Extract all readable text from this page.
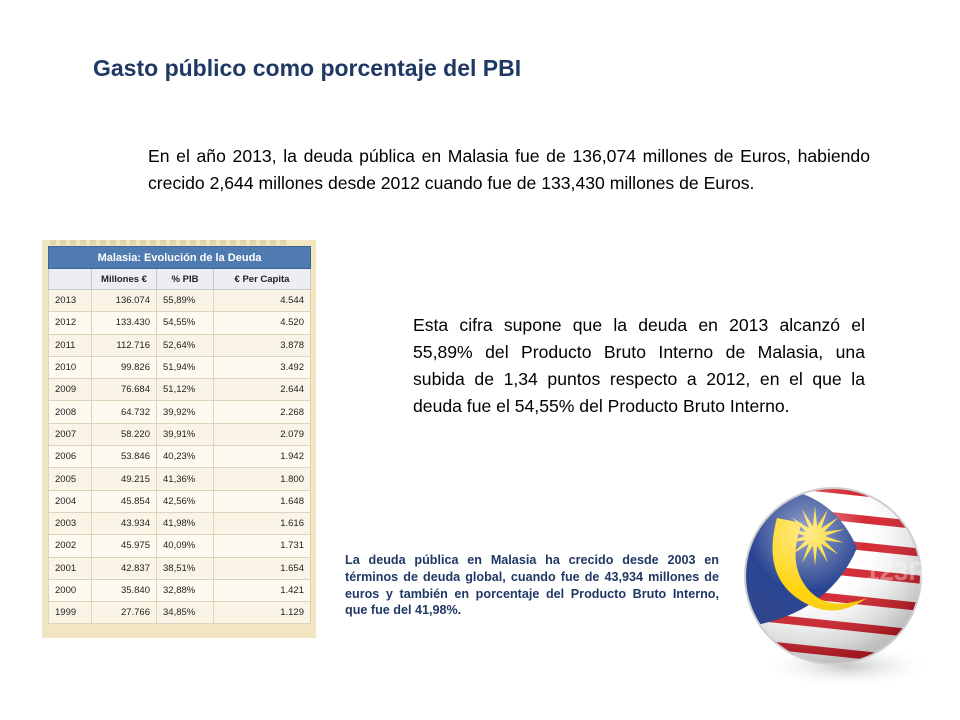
Gasto público como porcentaje del PBI

En el año 2013, la deuda pública en Malasia fue de 136,074 millones de Euros, habiendo crecido 2,644 millones desde 2012 cuando fue de 133,430 millones de Euros.

Malasia: Evolución de la Deuda			
	Millones €	% PIB	€ Per Capita
2013	136.074	55,89%	4.544
2012	133.430	54,55%	4.520
2011	112.716	52,64%	3.878
2010	99.826	51,94%	3.492
2009	76.684	51,12%	2.644
2008	64.732	39,92%	2.268
2007	58.220	39,91%	2.079
2006	53.846	40,23%	1.942
2005	49.215	41,36%	1.800
2004	45.854	42,56%	1.648
2003	43.934	41,98%	1.616
2002	45.975	40,09%	1.731
2001	42.837	38,51%	1.654
2000	35.840	32,88%	1.421
1999	27.766	34,85%	1.129

Esta cifra supone que la deuda en 2013 alcanzó el 55,89% del Producto Bruto Interno de Malasia, una subida de 1,34 puntos respecto a 2012, en el que la deuda fue el 54,55% del Producto Bruto Interno.

La deuda pública en Malasia ha crecido desde 2003 en términos de deuda global, cuando fue de 43,934 millones de euros y también en porcentaje del Producto Bruto Interno, que fue del 41,98%.

123RF
